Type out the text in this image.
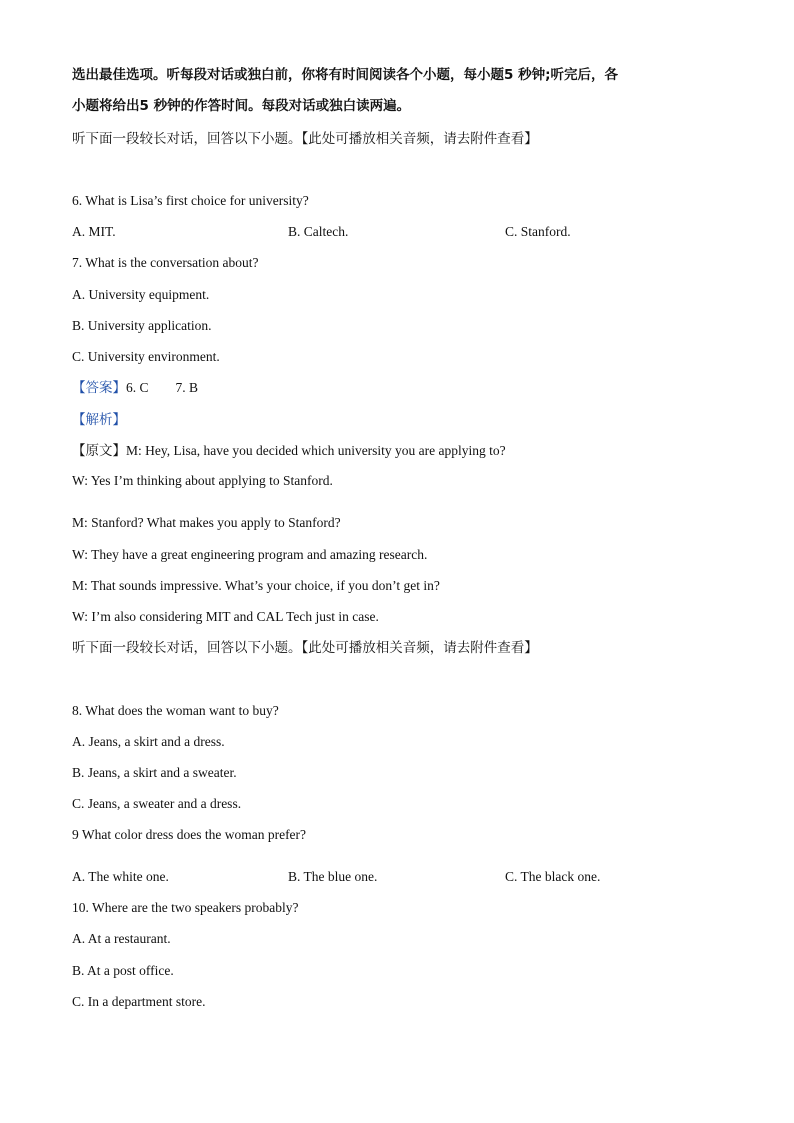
选出最佳选项。听每段对话或独白前，你将有时间阅读各个小题，每小题5 秒钟;听完后，各
小题将给出5 秒钟的作答时间。每段对话或独白读两遍。
听下面一段较长对话，回答以下小题。【此处可播放相关音频，请去附件查看】
6. What is Lisa’s first choice for university?
A. MIT.	B. Caltech.	C. Stanford.
7. What is the conversation about?
A. University equipment.
B. University application.
C. University environment.
【答案】6. C        7. B
【解析】
【原文】M: Hey, Lisa, have you decided which university you are applying to?
W: Yes I’m thinking about applying to Stanford.
M: Stanford? What makes you apply to Stanford?
W: They have a great engineering program and amazing research.
M: That sounds impressive. What’s your choice, if you don’t get in?
W: I’m also considering MIT and CAL Tech just in case.
听下面一段较长对话，回答以下小题。【此处可播放相关音频，请去附件查看】
8. What does the woman want to buy?
A. Jeans, a skirt and a dress.
B. Jeans, a skirt and a sweater.
C. Jeans, a sweater and a dress.
9 What color dress does the woman prefer?
A. The white one.	B. The blue one.	C. The black one.
10. Where are the two speakers probably?
A. At a restaurant.
B. At a post office.
C. In a department store.
